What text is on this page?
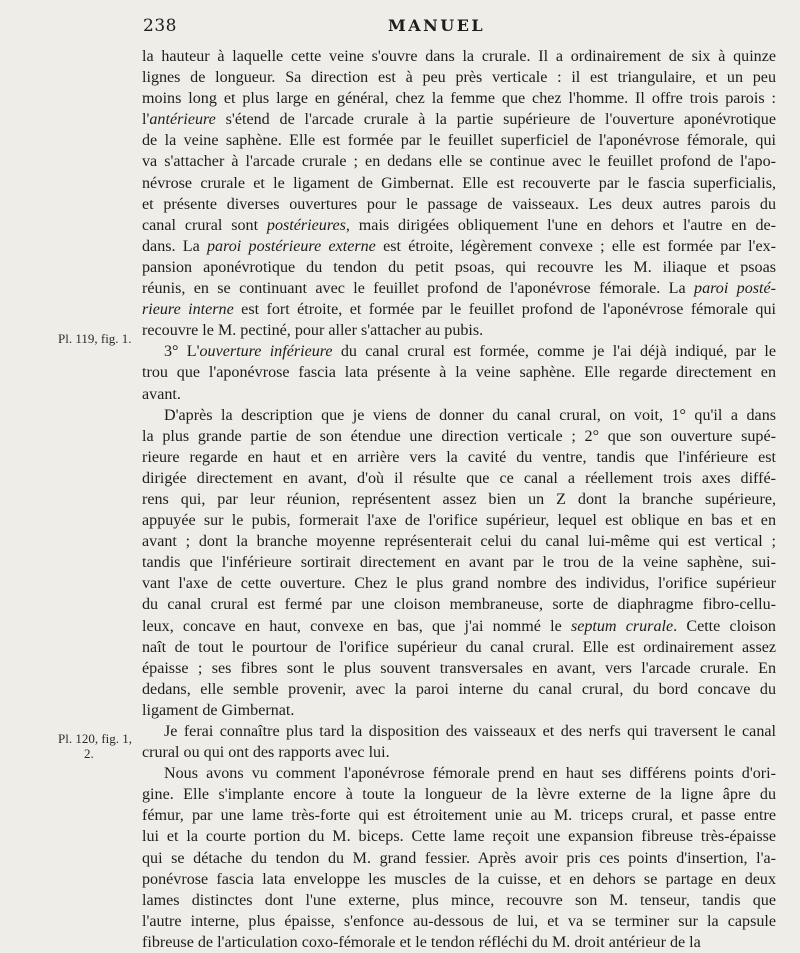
238	MANUEL
Pl. 119, fig. 1.
Pl. 120, fig. 1,
2.
la hauteur à laquelle cette veine s'ouvre dans la crurale. Il a ordinairement de six à quinze
lignes de longueur. Sa direction est à peu près verticale : il est triangulaire, et un peu
moins long et plus large en général, chez la femme que chez l'homme. Il offre trois parois :
l'antérieure s'étend de l'arcade crurale à la partie supérieure de l'ouverture aponévrotique
de la veine saphène. Elle est formée par le feuillet superficiel de l'aponévrose fémorale, qui
va s'attacher à l'arcade crurale ; en dedans elle se continue avec le feuillet profond de l'apo-
névrose crurale et le ligament de Gimbernat. Elle est recouverte par le fascia superficialis,
et présente diverses ouvertures pour le passage de vaisseaux. Les deux autres parois du
canal crural sont postérieures, mais dirigées obliquement l'une en dehors et l'autre en de-
dans. La paroi postérieure externe est étroite, légèrement convexe ; elle est formée par l'ex-
pansion aponévrotique du tendon du petit psoas, qui recouvre les M. iliaque et psoas
réunis, en se continuant avec le feuillet profond de l'aponévrose fémorale. La paroi posté-
rieure interne est fort étroite, et formée par le feuillet profond de l'aponévrose fémorale qui
recouvre le M. pectiné, pour aller s'attacher au pubis.
3° L'ouverture inférieure du canal crural est formée, comme je l'ai déjà indiqué, par le
trou que l'aponévrose fascia lata présente à la veine saphène. Elle regarde directement en
avant.
D'après la description que je viens de donner du canal crural, on voit, 1° qu'il a dans
la plus grande partie de son étendue une direction verticale ; 2° que son ouverture supé-
rieure regarde en haut et en arrière vers la cavité du ventre, tandis que l'inférieure est
dirigée directement en avant, d'où il résulte que ce canal a réellement trois axes diffé-
rens qui, par leur réunion, représentent assez bien un Z dont la branche supérieure,
appuyée sur le pubis, formerait l'axe de l'orifice supérieur, lequel est oblique en bas et en
avant ; dont la branche moyenne représenterait celui du canal lui-même qui est vertical ;
tandis que l'inférieure sortirait directement en avant par le trou de la veine saphène, sui-
vant l'axe de cette ouverture. Chez le plus grand nombre des individus, l'orifice supérieur
du canal crural est fermé par une cloison membraneuse, sorte de diaphragme fibro-cellu-
leux, concave en haut, convexe en bas, que j'ai nommé le septum crurale. Cette cloison
naît de tout le pourtour de l'orifice supérieur du canal crural. Elle est ordinairement assez
épaisse ; ses fibres sont le plus souvent transversales en avant, vers l'arcade crurale. En
dedans, elle semble provenir, avec la paroi interne du canal crural, du bord concave du
ligament de Gimbernat.
Je ferai connaître plus tard la disposition des vaisseaux et des nerfs qui traversent le canal
crural ou qui ont des rapports avec lui.
Nous avons vu comment l'aponévrose fémorale prend en haut ses différens points d'ori-
gine. Elle s'implante encore à toute la longueur de la lèvre externe de la ligne âpre du
fémur, par une lame très-forte qui est étroitement unie au M. triceps crural, et passe entre
lui et la courte portion du M. biceps. Cette lame reçoit une expansion fibreuse très-épaisse
qui se détache du tendon du M. grand fessier. Après avoir pris ces points d'insertion, l'a-
ponévrose fascia lata enveloppe les muscles de la cuisse, et en dehors se partage en deux
lames distinctes dont l'une externe, plus mince, recouvre son M. tenseur, tandis que
l'autre interne, plus épaisse, s'enfonce au-dessous de lui, et va se terminer sur la capsule
fibreuse de l'articulation coxo-fémorale et le tendon réfléchi du M. droit antérieur de la
